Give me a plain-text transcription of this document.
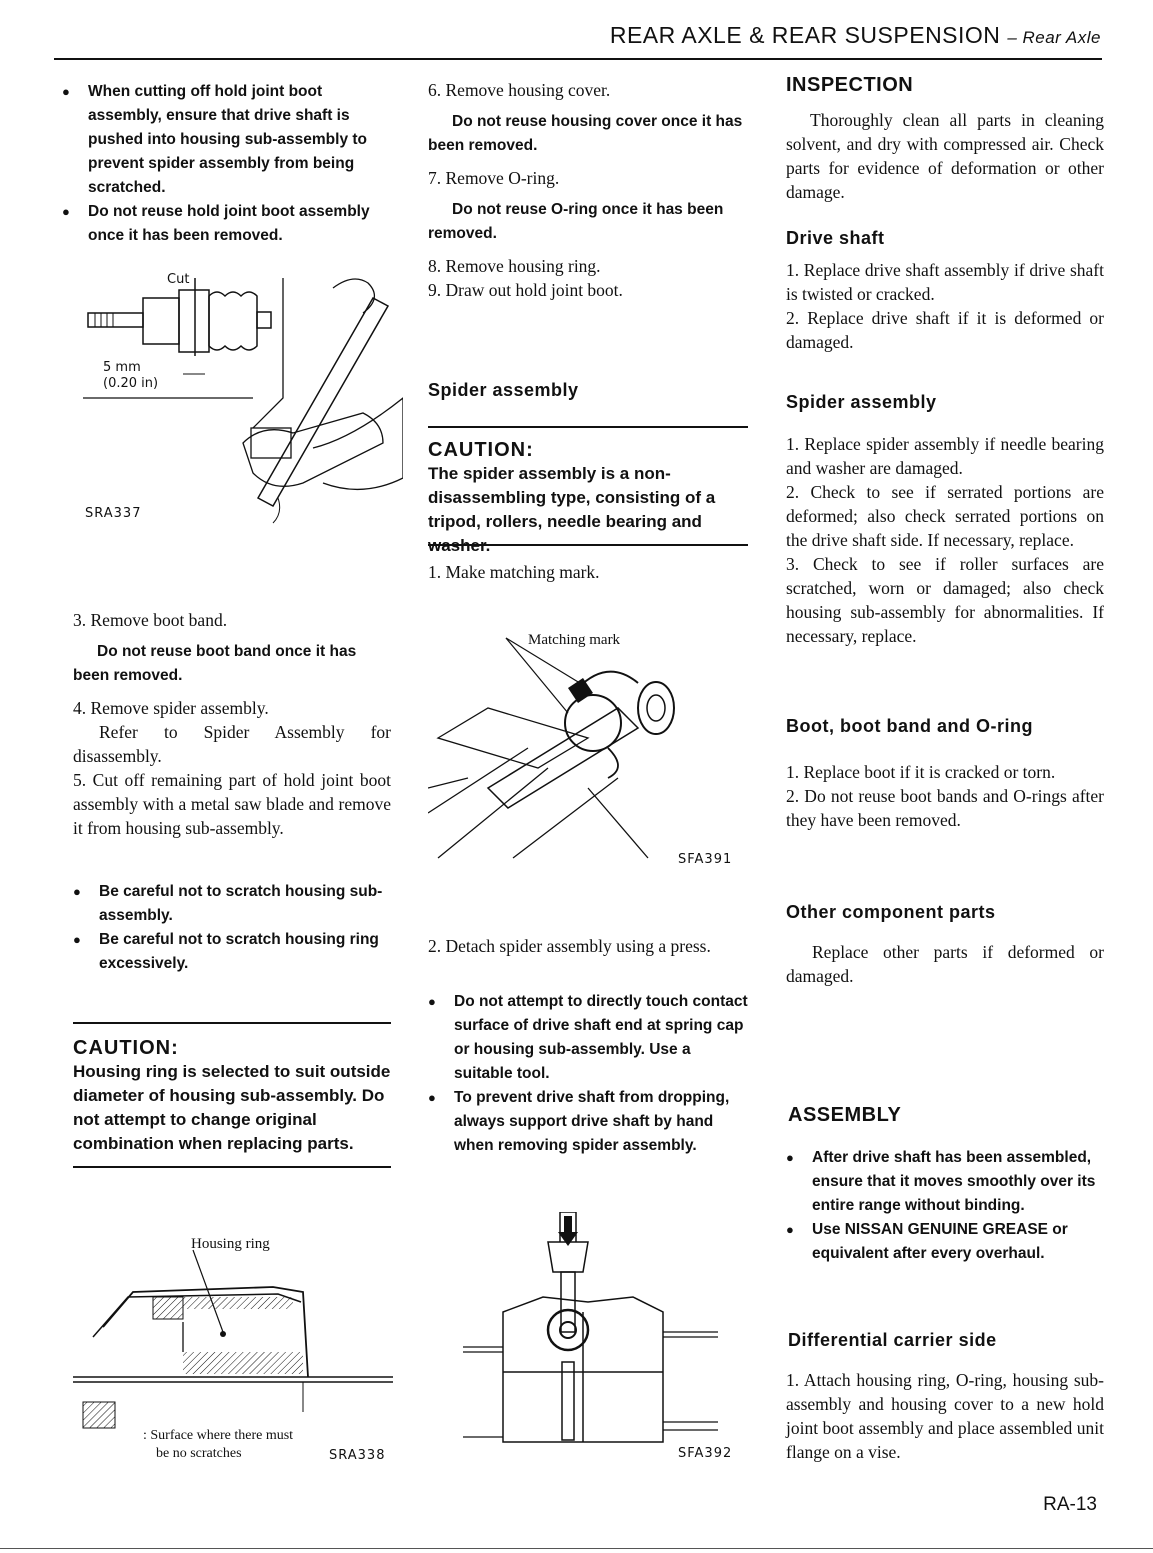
REAR AXLE & REAR SUSPENSION – Rear Axle

● When cutting off hold joint boot assembly, ensure that drive shaft is pushed into housing sub-assembly to prevent spider assembly from being scratched.

● Do not reuse hold joint boot assembly once it has been removed.

Cut
5 mm
(0.20 in)
SRA337

3. Remove boot band.

Do not reuse boot band once it has been removed.

4. Remove spider assembly.

Refer to Spider Assembly for disassembly.

5. Cut off remaining part of hold joint boot assembly with a metal saw blade and remove it from housing sub-assembly.

● Be careful not to scratch housing sub-assembly.

● Be careful not to scratch housing ring excessively.

CAUTION:
Housing ring is selected to suit outside diameter of housing sub-assembly. Do not attempt to change original combination when replacing parts.
Housing ring
: Surface where there must
be no scratches	SRA338

6. Remove housing cover.

Do not reuse housing cover once it has been removed.

7. Remove O-ring.

Do not reuse O-ring once it has been removed.

8. Remove housing ring.

9. Draw out hold joint boot.

Spider assembly
CAUTION:
The spider assembly is a non-disassembling type, consisting of a tripod, rollers, needle bearing and
1. Make matching mark.
Matching mark
SFA391

2. Detach spider assembly using a press.

● Do not attempt to directly touch contact surface of drive shaft end at spring cap or housing sub-assembly. Use a suitable tool.

● To prevent drive shaft from dropping, always support drive shaft by hand when removing spider assembly.

SFA392
INSPECTION
Thoroughly clean all parts in cleaning solvent, and dry with compressed air. Check parts for evidence of deformation or other damage.
Drive shaft

1. Replace drive shaft assembly if drive shaft is twisted or cracked.

2. Replace drive shaft if it is deformed or damaged.

Spider assembly

1. Replace spider assembly if needle bearing and washer are damaged.

2. Check to see if serrated portions are deformed; also check serrated portions on the drive shaft side. If necessary, replace.

3. Check to see if roller surfaces are scratched, worn or damaged; also check housing sub-assembly for abnormalities. If necessary, replace.

Boot, boot band and O-ring

1. Replace boot if it is cracked or torn.

2. Do not reuse boot bands and O-rings after they have been removed.

Other component parts
Replace other parts if deformed or damaged.
ASSEMBLY

● After drive shaft has been assembled, ensure that it moves smoothly over its entire range without binding.

● Use NISSAN GENUINE GREASE or equivalent after every overhaul.

Differential carrier side
1. Attach housing ring, O-ring, housing sub-assembly and housing cover to a new hold joint boot assembly and place assembled unit flange on a vise.
RA-13
